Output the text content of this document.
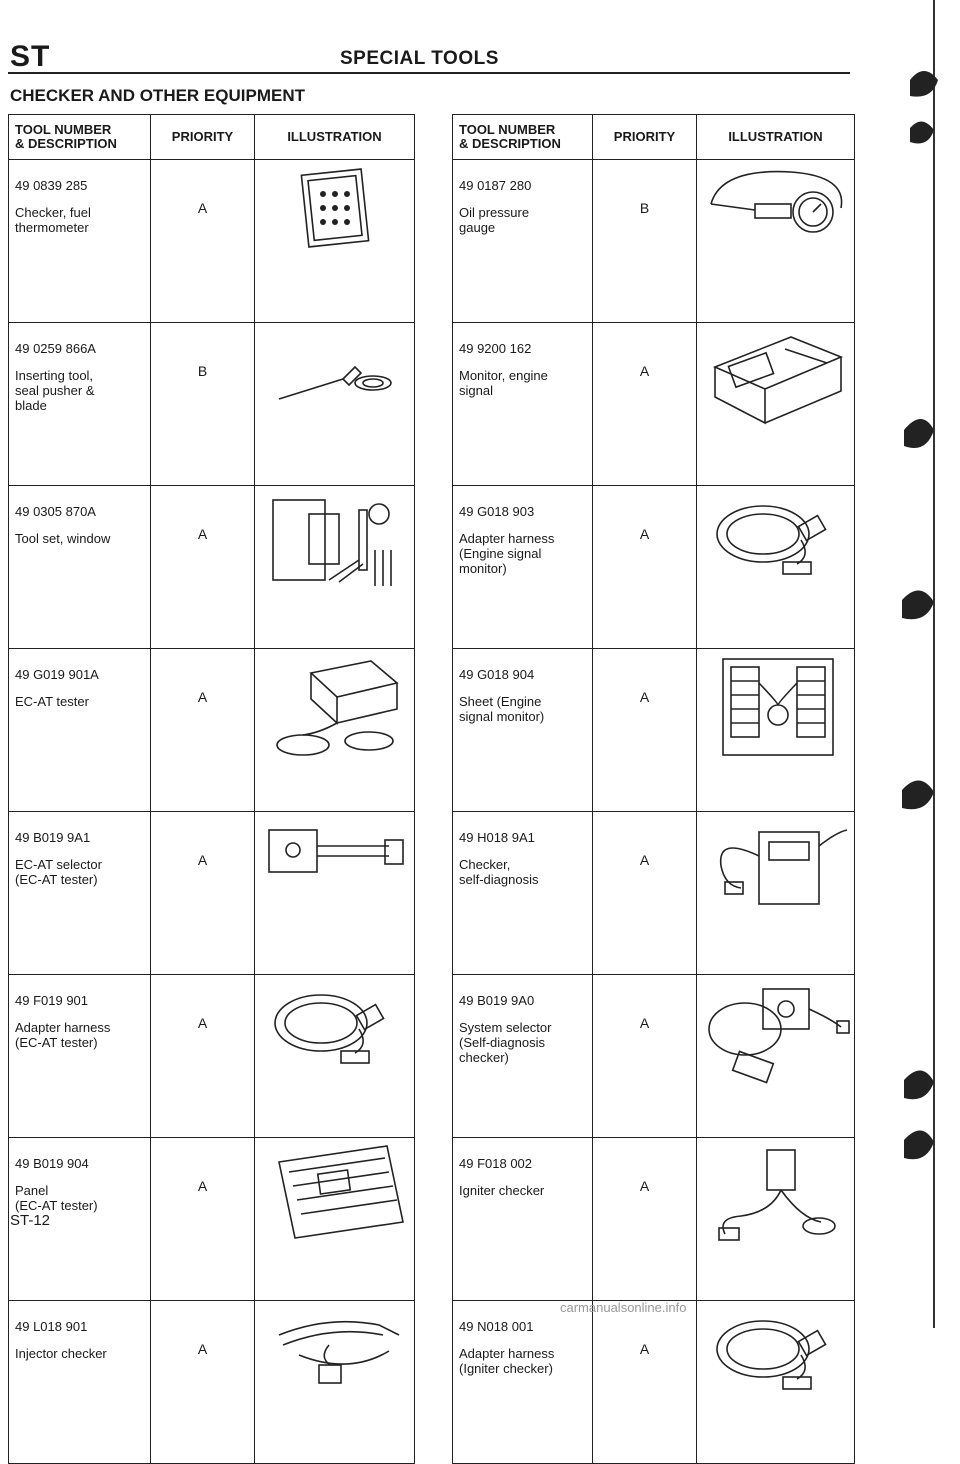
ST	SPECIAL TOOLS
CHECKER AND OTHER EQUIPMENT
TOOL NUMBER
& DESCRIPTION	PRIORITY	ILLUSTRATION

49 0839 285
Checker, fuel
thermometer	A	

49 0259 866A
Inserting tool,
seal pusher &
blade	B	

49 0305 870A
Tool set, window	A	

49 G019 901A
EC-AT tester	A	

49 B019 9A1
EC-AT selector
(EC-AT tester)	A	

49 F019 901
Adapter harness
(EC-AT tester)	A	

49 B019 904
Panel
(EC-AT tester)	A	

49 L018 901
Injector checker	A	
TOOL NUMBER
& DESCRIPTION	PRIORITY	ILLUSTRATION

49 0187 280
Oil pressure
gauge	B	

49 9200 162
Monitor, engine
signal	A	

49 G018 903
Adapter harness
(Engine signal
monitor)	A	

49 G018 904
Sheet (Engine
signal monitor)	A	

49 H018 9A1
Checker,
self-diagnosis	A	

49 B019 9A0
System selector
(Self-diagnosis
checker)	A	

49 F018 002
Igniter checker	A	

49 N018 001
Adapter harness
(Igniter checker)	A	
ST-12
carmanualsonline.info
